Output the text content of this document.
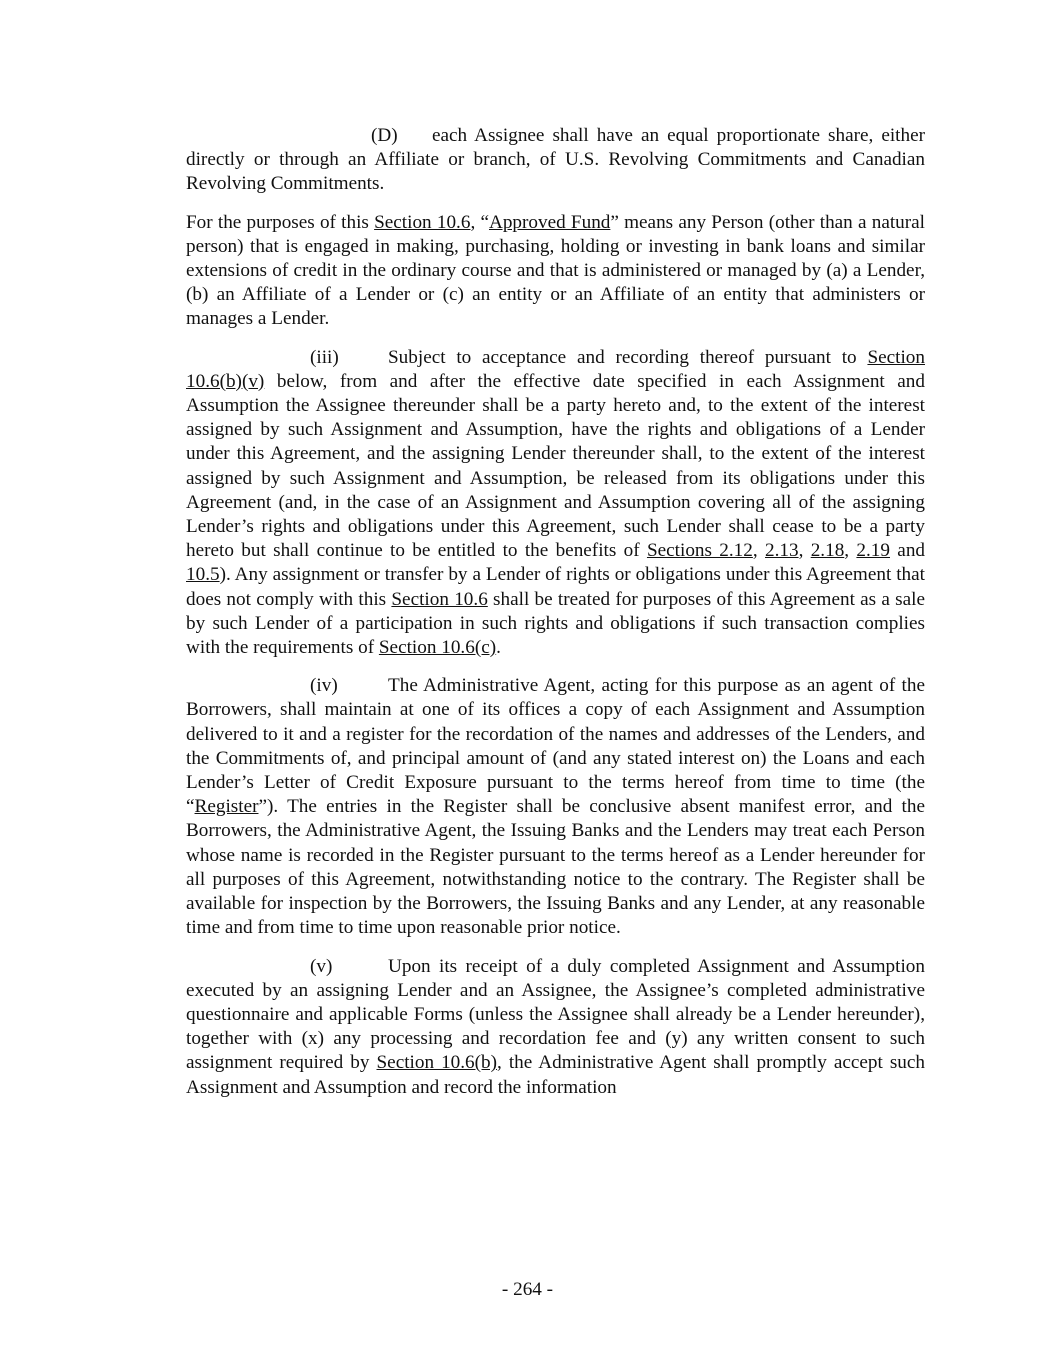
(D) each Assignee shall have an equal proportionate share, either directly or through an Affiliate or branch, of U.S. Revolving Commitments and Canadian Revolving Commitments.

For the purposes of this Section 10.6, “Approved Fund” means any Person (other than a natural person) that is engaged in making, purchasing, holding or investing in bank loans and similar extensions of credit in the ordinary course and that is administered or managed by (a) a Lender, (b) an Affiliate of a Lender or (c) an entity or an Affiliate of an entity that administers or manages a Lender.

(iii)	Subject to acceptance and recording thereof pursuant to Section 10.6(b)(v) below, from and after the effective date specified in each Assignment and Assumption the Assignee thereunder shall be a party hereto and, to the extent of the interest assigned by such Assignment and Assumption, have the rights and obligations of a Lender under this Agreement, and the assigning Lender thereunder shall, to the extent of the interest assigned by such Assignment and Assumption, be released from its obligations under this Agreement (and, in the case of an Assignment and Assumption covering all of the assigning Lender’s rights and obligations under this Agreement, such Lender shall cease to be a party hereto but shall continue to be entitled to the benefits of Sections 2.12, 2.13, 2.18, 2.19 and 10.5). Any assignment or transfer by a Lender of rights or obligations under this Agreement that does not comply with this Section 10.6 shall be treated for purposes of this Agreement as a sale by such Lender of a participation in such rights and obligations if such transaction complies with the requirements of Section 10.6(c).

(iv)	The Administrative Agent, acting for this purpose as an agent of the Borrowers, shall maintain at one of its offices a copy of each Assignment and Assumption delivered to it and a register for the recordation of the names and addresses of the Lenders, and the Commitments of, and principal amount of (and any stated interest on) the Loans and each Lender’s Letter of Credit Exposure pursuant to the terms hereof from time to time (the “Register”). The entries in the Register shall be conclusive absent manifest error, and the Borrowers, the Administrative Agent, the Issuing Banks and the Lenders may treat each Person whose name is recorded in the Register pursuant to the terms hereof as a Lender hereunder for all purposes of this Agreement, notwithstanding notice to the contrary. The Register shall be available for inspection by the Borrowers, the Issuing Banks and any Lender, at any reasonable time and from time to time upon reasonable prior notice.

(v)	Upon its receipt of a duly completed Assignment and Assumption executed by an assigning Lender and an Assignee, the Assignee’s completed administrative questionnaire and applicable Forms (unless the Assignee shall already be a Lender hereunder), together with (x) any processing and recordation fee and (y) any written consent to such assignment required by Section 10.6(b), the Administrative Agent shall promptly accept such Assignment and Assumption and record the information

- 264 -
